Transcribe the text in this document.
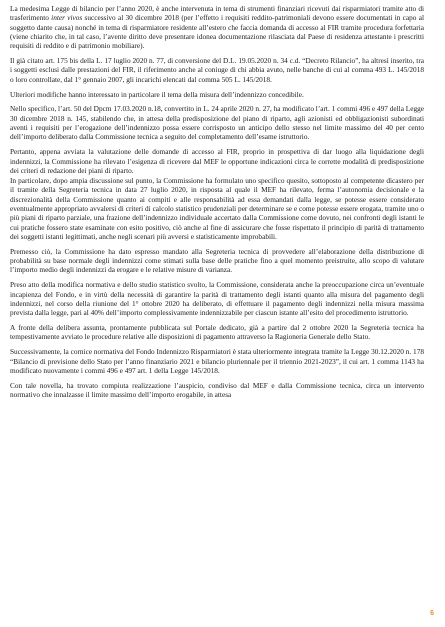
La medesima Legge di bilancio per l’anno 2020, è anche intervenuta in tema di strumenti finanziari ricevuti dai risparmiatori tramite atto di trasferimento inter vivos successivo al 30 dicembre 2018 (per l’effetto i requisiti reddito-patrimoniali devono essere documentati in capo al soggetto dante causa) nonché in tema di risparmiatore residente all’estero che faccia domanda di accesso al FIR tramite procedura forfettaria (viene chiarito che, in tal caso, l’avente diritto deve presentare idonea documentazione rilasciata dal Paese di residenza attestante i prescritti requisiti di reddito e di patrimonio mobiliare).

Il già citato art. 175 bis della L. 17 luglio 2020 n. 77, di conversione del D.L. 19.05.2020 n. 34 c.d. “Decreto Rilancio”, ha altresì inserito, tra i soggetti esclusi dalle prestazioni del FIR, il riferimento anche al coniuge di chi abbia avuto, nelle banche di cui al comma 493 L. 145/2018 o loro controllate, dal 1° gennaio 2007, gli incarichi elencati dal comma 505 L. 145/2018.

Ulteriori modifiche hanno interessato in particolare il tema della misura dell’indennizzo concedibile.

Nello specifico, l’art. 50 del Dpcm 17.03.2020 n.18, convertito in L. 24 aprile 2020 n. 27, ha modificato l’art. 1 commi 496 e 497 della Legge 30 dicembre 2018 n. 145, stabilendo che, in attesa della predisposizione del piano di riparto, agli azionisti ed obbligazionisti subordinati aventi i requisiti per l’erogazione dell’indennizzo possa essere corrisposto un anticipo dello stesso nel limite massimo del 40 per cento dell’importo deliberato dalla Commissione tecnica a seguito del completamento dell’esame istruttorio.

Pertanto, appena avviata la valutazione delle domande di accesso al FIR, proprio in prospettiva di dar luogo alla liquidazione degli indennizzi, la Commissione ha rilevato l’esigenza di ricevere dal MEF le opportune indicazioni circa le corrette modalità di predisposizione dei criteri di redazione dei piani di riparto.

In particolare, dopo ampia discussione sul punto, la Commissione ha formulato uno specifico quesito, sottoposto al competente dicastero per il tramite della Segreteria tecnica in data 27 luglio 2020, in risposta al quale il MEF ha rilevato, ferma l’autonomia decisionale e la discrezionalità della Commissione quanto ai compiti e alle responsabilità ad essa demandati dalla legge, se potesse essere considerato eventualmente appropriato avvalersi di criteri di calcolo statistico prudenziali per determinare se e come potesse essere erogata, tramite uno o più piani di riparto parziale, una frazione dell’indennizzo individuale accertato dalla Commissione come dovuto, nei confronti degli istanti le cui pratiche fossero state esaminate con esito positivo, ciò anche al fine di assicurare che fosse rispettato il principio di parità di trattamento dei soggetti istanti legittimati, anche negli scenari più avversi e statisticamente improbabili.

Premesso ciò, la Commissione ha dato espresso mandato alla Segreteria tecnica di provvedere all’elaborazione della distribuzione di probabilità su base normale degli indennizzi come stimati sulla base delle pratiche fino a quel momento preistruite, allo scopo di valutare l’importo medio degli indennizzi da erogare e le relative misure di varianza.

Preso atto della modifica normativa e dello studio statistico svolto, la Commissione, considerata anche la preoccupazione circa un’eventuale incapienza del Fondo, e in virtù della necessità di garantire la parità di trattamento degli istanti quanto alla misura del pagamento degli indennizzi, nel corso della riunione del 1° ottobre 2020 ha deliberato, di effettuare il pagamento degli indennizzi nella misura massima prevista dalla legge, pari al 40% dell’importo complessivamente indennizzabile per ciascun istante all’esito del procedimento istruttorio.

A fronte della delibera assunta, prontamente pubblicata sul Portale dedicato, già a partire dal 2 ottobre 2020 la Segreteria tecnica ha tempestivamente avviato le procedure relative alle disposizioni di pagamento attraverso la Ragioneria Generale dello Stato.

Successivamente, la cornice normativa del Fondo Indennizzo Risparmiatori è stata ulteriormente integrata tramite la Legge 30.12.2020 n. 178 “Bilancio di previsione dello Stato per l’anno finanziario 2021 e bilancio pluriennale per il triennio 2021-2023”, il cui art. 1 comma 1143 ha modificato nuovamente i commi 496 e 497 art. 1 della Legge 145/2018.

Con tale novella, ha trovato compiuta realizzazione l’auspicio, condiviso dal MEF e dalla Commissione tecnica, circa un intervento normativo che innalzasse il limite massimo dell’importo erogabile, in attesa

6
